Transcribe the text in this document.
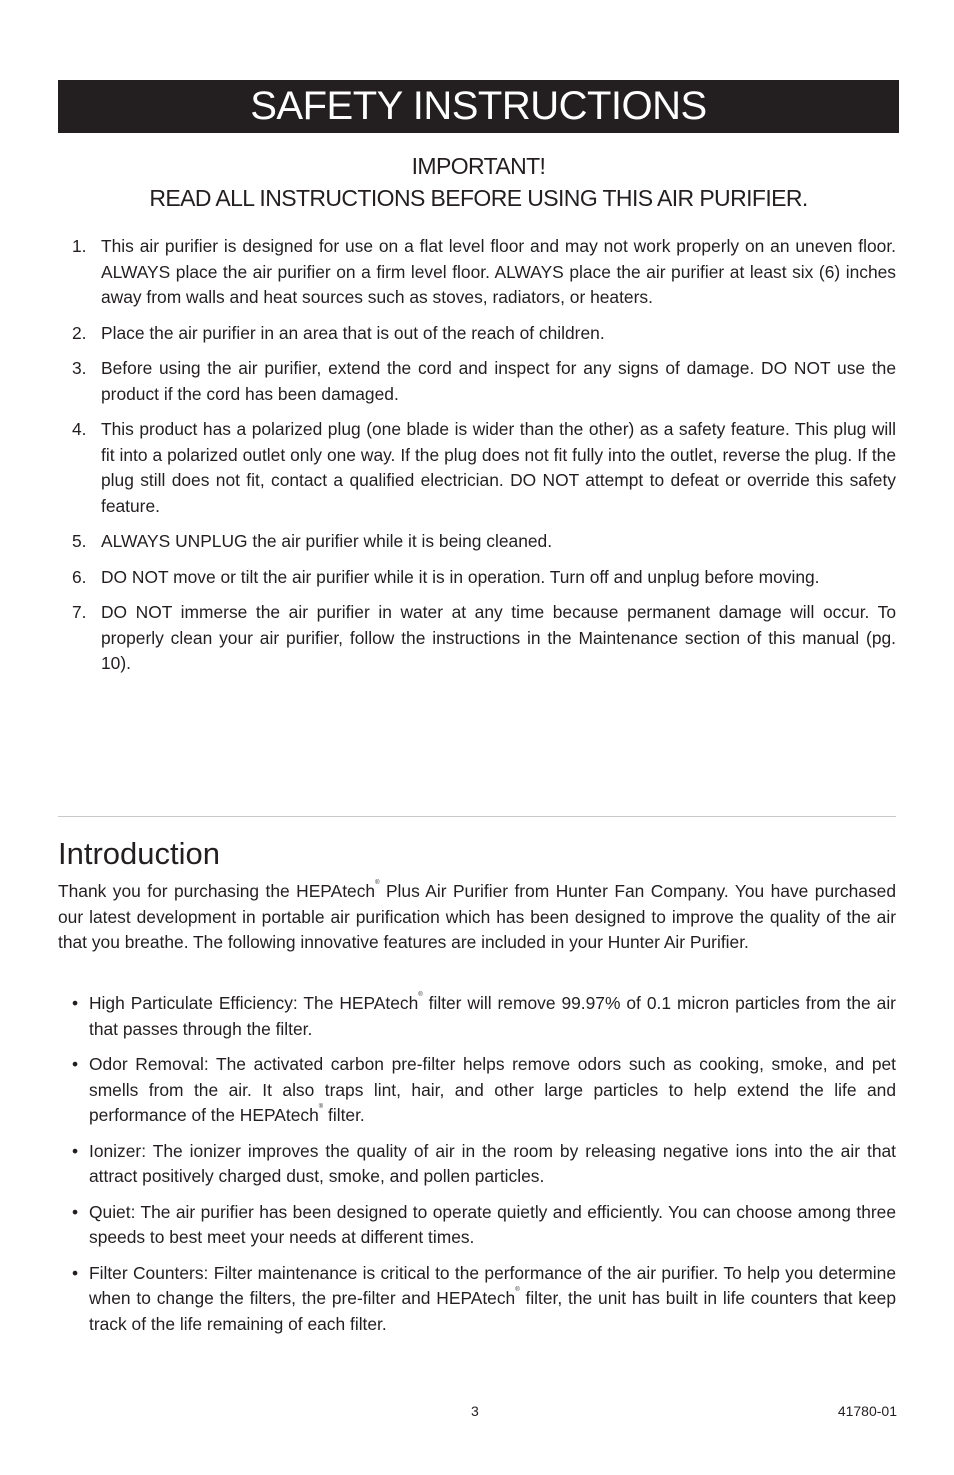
SAFETY INSTRUCTIONS
IMPORTANT!
READ ALL INSTRUCTIONS BEFORE USING THIS AIR PURIFIER.
1. This air purifier is designed for use on a flat level floor and may not work properly on an uneven floor. ALWAYS place the air purifier on a firm level floor. ALWAYS place the air purifier at least six (6) inches away from walls and heat sources such as stoves, radiators, or heaters.
2. Place the air purifier in an area that is out of the reach of children.
3. Before using the air purifier, extend the cord and inspect for any signs of damage. DO NOT use the product if the cord has been damaged.
4. This product has a polarized plug (one blade is wider than the other) as a safety feature. This plug will fit into a polarized outlet only one way. If the plug does not fit fully into the outlet, reverse the plug. If the plug still does not fit, contact a qualified electrician. DO NOT attempt to defeat or override this safety feature.
5. ALWAYS UNPLUG the air purifier while it is being cleaned.
6. DO NOT move or tilt the air purifier while it is in operation. Turn off and unplug before moving.
7. DO NOT immerse the air purifier in water at any time because permanent damage will occur. To properly clean your air purifier, follow the instructions in the Maintenance section of this manual (pg. 10).
Introduction

Thank you for purchasing the HEPAtech® Plus Air Purifier from Hunter Fan Company. You have purchased our latest development in portable air purification which has been designed to improve the quality of the air that you breathe. The following innovative features are included in your Hunter Air Purifier.

• High Particulate Efficiency: The HEPAtech® filter will remove 99.97% of 0.1 micron particles from the air that passes through the filter.
• Odor Removal: The activated carbon pre-filter helps remove odors such as cooking, smoke, and pet smells from the air. It also traps lint, hair, and other large particles to help extend the life and performance of the HEPAtech® filter.
• Ionizer: The ionizer improves the quality of air in the room by releasing negative ions into the air that attract positively charged dust, smoke, and pollen particles.
• Quiet: The air purifier has been designed to operate quietly and efficiently. You can choose among three speeds to best meet your needs at different times.
• Filter Counters: Filter maintenance is critical to the performance of the air purifier. To help you determine when to change the filters, the pre-filter and HEPAtech® filter, the unit has built in life counters that keep track of the life remaining of each filter.
3	41780-01
